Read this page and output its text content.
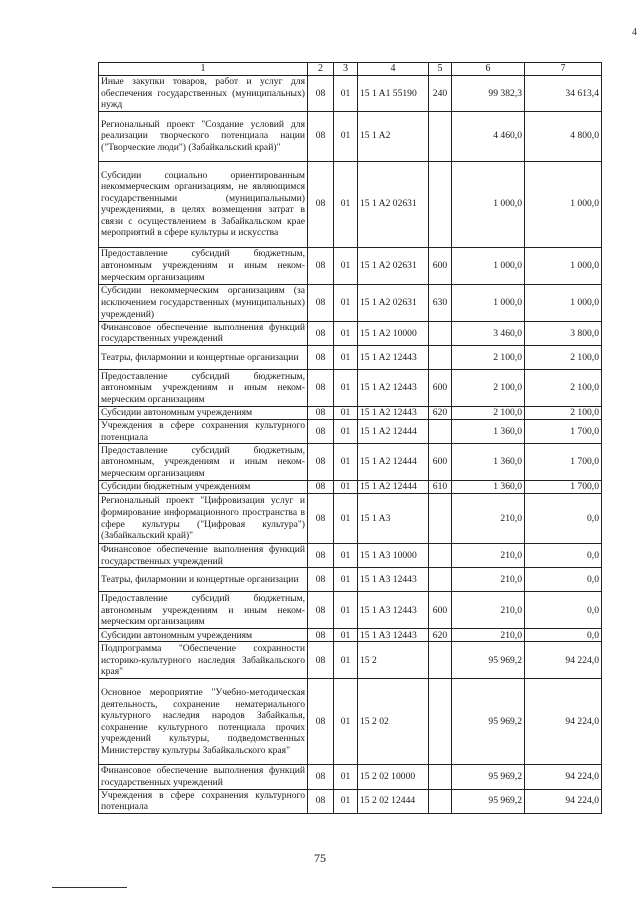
4
1	2	3	4	5	6	7
Иные закупки товаров, работ и услуг для обеспечения государственных (муниципальных) нужд	08	01	15 1 A1 55190	240	99 382,3	34 613,4
Региональный проект "Создание условий для реализации творческого потенциала нации ("Творческие люди") (Забайкальский край)"	08	01	15 1 A2		4 460,0	4 800,0
Субсидии социально ориентированным некоммерческим организациям, не являющимся государственными (муниципальными) учреждениями, в целях возмещения затрат в связи с осуществлением в Забайкальском крае мероприятий в сфере культуры и искусства	08	01	15 1 A2 02631		1 000,0	1 000,0
Предоставление субсидий бюджетным, автономным учреждениям и иным некоммерческим организациям	08	01	15 1 A2 02631	600	1 000,0	1 000,0
Субсидии некоммерческим организациям (за исключением государственных (муниципальных) учреждений)	08	01	15 1 A2 02631	630	1 000,0	1 000,0
Финансовое обеспечение выполнения функций государственных учреждений	08	01	15 1 A2 10000		3 460,0	3 800,0
Театры, филармонии и концертные организации	08	01	15 1 A2 12443		2 100,0	2 100,0
Предоставление субсидий бюджетным, автономным учреждениям и иным некоммерческим организациям	08	01	15 1 A2 12443	600	2 100,0	2 100,0
Субсидии автономным учреждениям	08	01	15 1 A2 12443	620	2 100,0	2 100,0
Учреждения в сфере сохранения культурного потенциала	08	01	15 1 A2 12444		1 360,0	1 700,0
Предоставление субсидий бюджетным, автономным, учреждениям и иным некоммерческим организациям	08	01	15 1 A2 12444	600	1 360,0	1 700,0
Субсидии бюджетным учреждениям	08	01	15 1 A2 12444	610	1 360,0	1 700,0
Региональный проект "Цифровизация услуг и формирование информационного пространства в сфере культуры ("Цифровая культура") (Забайкальский край)"	08	01	15 1 A3		210,0	0,0
Финансовое обеспечение выполнения функций государственных учреждений	08	01	15 1 A3 10000		210,0	0,0
Театры, филармонии и концертные организации	08	01	15 1 A3 12443		210,0	0,0
Предоставление субсидий бюджетным, автономным учреждениям и иным некоммерческим организациям	08	01	15 1 A3 12443	600	210,0	0,0
Субсидии автономным учреждениям	08	01	15 1 A3 12443	620	210,0	0,0
Подпрограмма "Обеспечение сохранности историко-культурного наследия Забайкальского края"	08	01	15 2		95 969,2	94 224,0
Основное мероприятие "Учебно-методическая деятельность, сохранение нематериального культурного наследия народов Забайкалья, сохранение культурного потенциала прочих учреждений культуры, подведомственных Министерству культуры Забайкальского края"	08	01	15 2 02		95 969,2	94 224,0
Финансовое обеспечение выполнения функций государственных учреждений	08	01	15 2 02 10000		95 969,2	94 224,0
Учреждения в сфере сохранения культурного потенциала	08	01	15 2 02 12444		95 969,2	94 224,0
75
